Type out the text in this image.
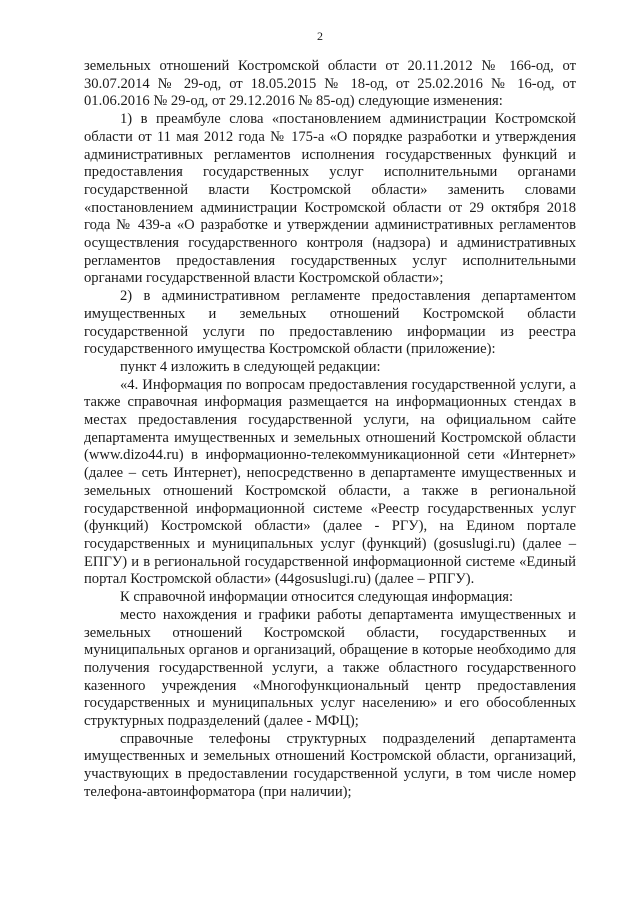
2

земельных отношений Костромской области от 20.11.2012 № 166-од, от 30.07.2014 № 29-од, от 18.05.2015 № 18-од, от 25.02.2016 № 16-од, от 01.06.2016 № 29-од, от 29.12.2016 № 85-од) следующие изменения:

1) в преамбуле слова «постановлением администрации Костромской области от 11 мая 2012 года № 175-а «О порядке разработки и утверждения административных регламентов исполнения государственных функций и предоставления государственных услуг исполнительными органами государственной власти Костромской области» заменить словами «постановлением администрации Костромской области от 29 октября 2018 года № 439-а «О разработке и утверждении административных регламентов осуществления государственного контроля (надзора) и административных регламентов предоставления государственных услуг исполнительными органами государственной власти Костромской области»;

2) в административном регламенте предоставления департаментом имущественных и земельных отношений Костромской области государственной услуги по предоставлению информации из реестра государственного имущества Костромской области (приложение):

пункт 4 изложить в следующей редакции:

«4. Информация по вопросам предоставления государственной услуги, а также справочная информация размещается на информационных стендах в местах предоставления государственной услуги, на официальном сайте департамента имущественных и земельных отношений Костромской области (www.dizo44.ru) в информационно-телекоммуникационной сети «Интернет» (далее – сеть Интернет), непосредственно в департаменте имущественных и земельных отношений Костромской области, а также в региональной государственной информационной системе «Реестр государственных услуг (функций) Костромской области» (далее - РГУ), на Едином портале государственных и муниципальных услуг (функций) (gosuslugi.ru) (далее – ЕПГУ) и в региональной государственной информационной системе «Единый портал Костромской области» (44gosuslugi.ru) (далее – РПГУ).

К справочной информации относится следующая информация:

место нахождения и графики работы департамента имущественных и земельных отношений Костромской области, государственных и муниципальных органов и организаций, обращение в которые необходимо для получения государственной услуги, а также областного государственного казенного учреждения «Многофункциональный центр предоставления государственных и муниципальных услуг населению» и его обособленных структурных подразделений (далее - МФЦ);

справочные телефоны структурных подразделений департамента имущественных и земельных отношений Костромской области, организаций, участвующих в предоставлении государственной услуги, в том числе номер телефона-автоинформатора (при наличии);
